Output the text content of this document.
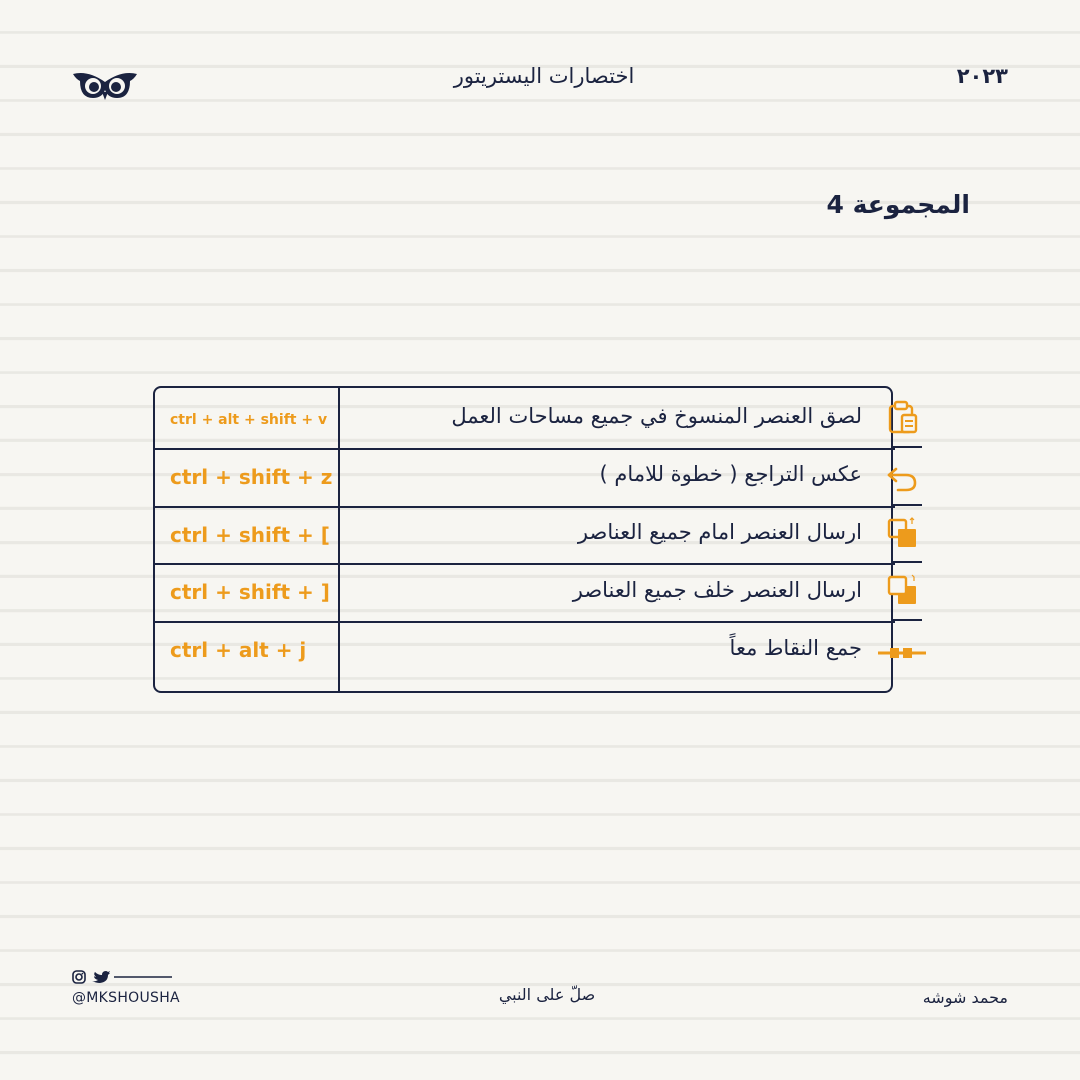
اختصارات اليستريتور	٢٠٢٣
المجموعة 4
لصق العنصر المنسوخ في جميع مساحات العمل
ctrl + alt + shift + v
عكس التراجع ( خطوة للامام )
ctrl + shift + z
ارسال العنصر امام جميع العناصر
ctrl + shift + [
ارسال العنصر خلف جميع العناصر
ctrl + shift + ]
جمع النقاط معاً
ctrl + alt + j
@MKSHOUSHA	صلّ على النبي	محمد شوشه
